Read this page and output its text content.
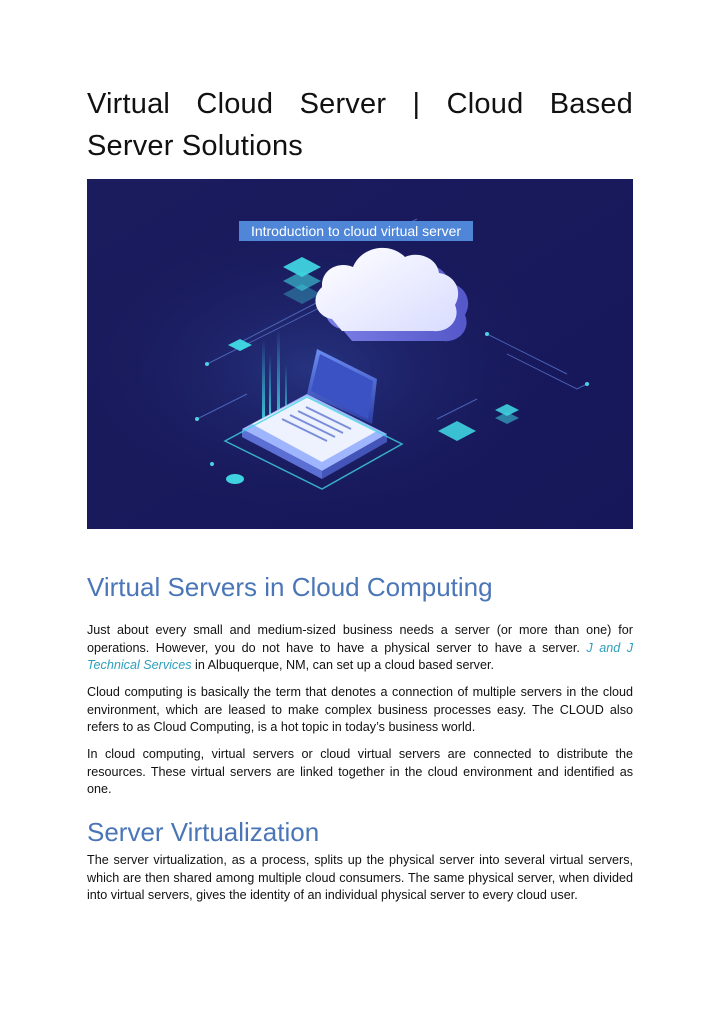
Virtual Cloud Server | Cloud Based Server Solutions
Introduction to cloud virtual server
Virtual Servers in Cloud Computing

Just about every small and medium-sized business needs a server (or more than one) for operations. However, you do not have to have a physical server to have a server. J and J Technical Services in Albuquerque, NM, can set up a cloud based server.

Cloud computing is basically the term that denotes a connection of multiple servers in the cloud environment, which are leased to make complex business processes easy. The CLOUD also refers to as Cloud Computing, is a hot topic in today’s business world.

In cloud computing, virtual servers or cloud virtual servers are connected to distribute the resources. These virtual servers are linked together in the cloud environment and identified as one.

Server Virtualization

The server virtualization, as a process, splits up the physical server into several virtual servers, which are then shared among multiple cloud consumers. The same physical server, when divided into virtual servers, gives the identity of an individual physical server to every cloud user.
